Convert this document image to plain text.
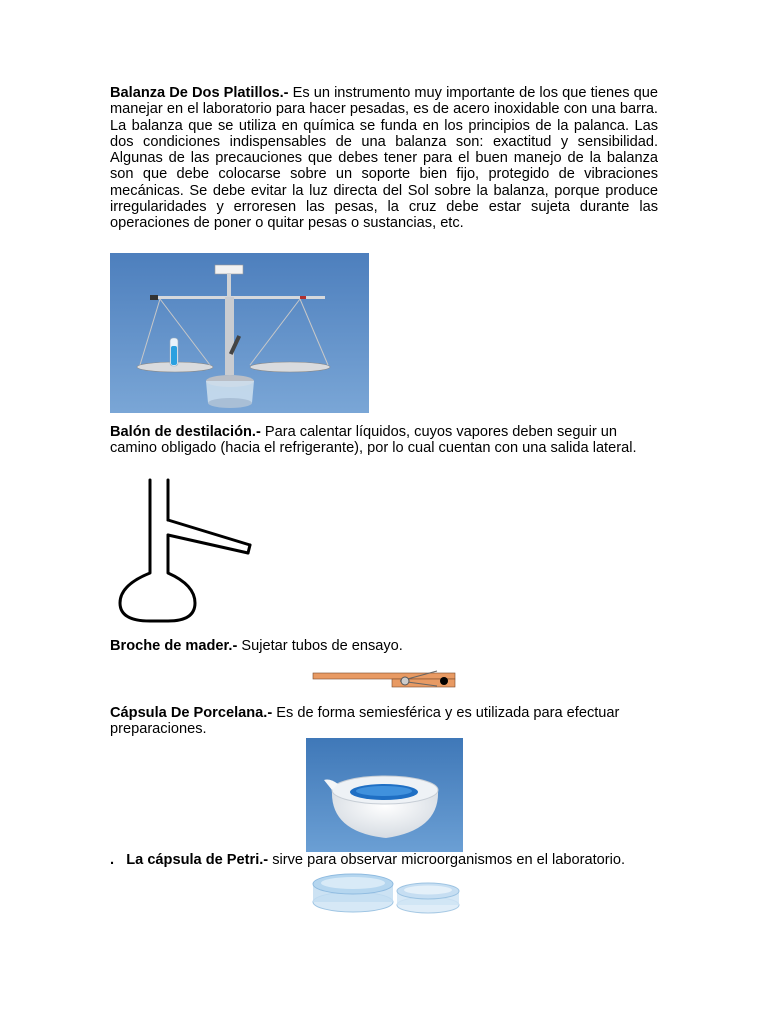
Balanza De Dos Platillos.- Es un instrumento muy importante de los que tienes que manejar en el laboratorio para hacer pesadas, es de acero inoxidable con una barra. La balanza que se utiliza en química se funda en los principios de la palanca. Las dos condiciones indispensables de una balanza son: exactitud y sensibilidad. Algunas de las precauciones que debes tener para el buen manejo de la balanza son que debe colocarse sobre un soporte bien fijo, protegido de vibraciones mecánicas. Se debe evitar la luz directa del Sol sobre la balanza, porque produce irregularidades y erroresen las pesas, la cruz debe estar sujeta durante las operaciones de poner o quitar pesas o sustancias, etc.

Balón de destilación.- Para calentar líquidos, cuyos vapores deben seguir un camino obligado (hacia el refrigerante), por lo cual cuentan con una salida lateral.

Broche de mader.- Sujetar tubos de ensayo.

Cápsula De Porcelana.- Es de forma semiesférica y es utilizada para efectuar preparaciones.

. La cápsula de Petri.- sirve para observar microorganismos en el laboratorio.
